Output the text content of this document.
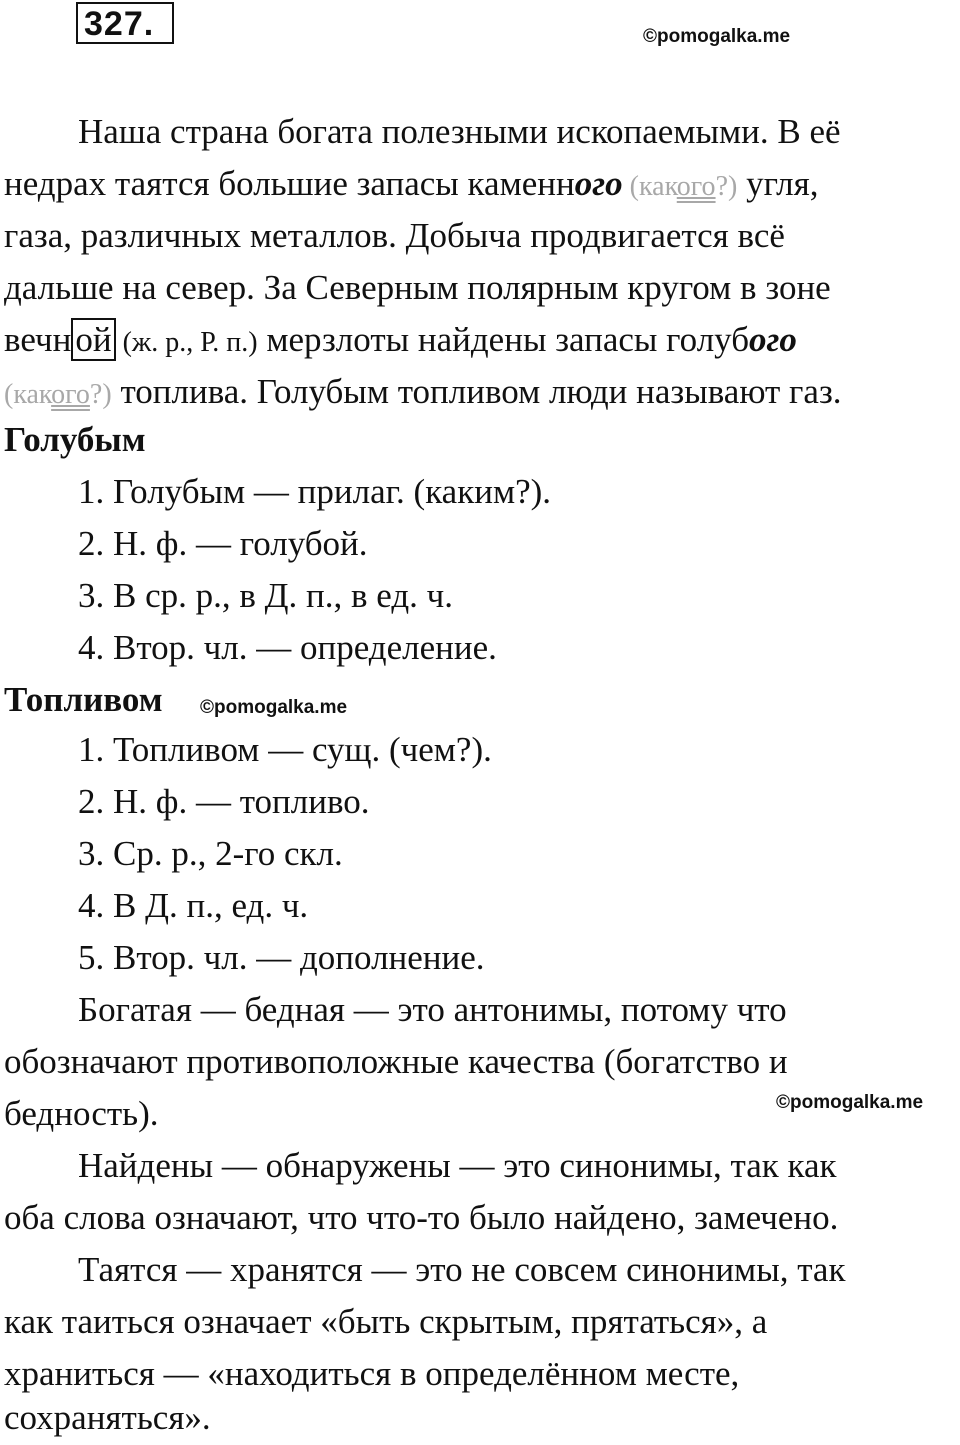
327.	©pomogalka.me
Наша страна богата полезными ископаемыми. В её
недрах таятся большие запасы каменного (какого?) угля,
газа, различных металлов. Добыча продвигается всё
дальше на север. За Северным полярным кругом в зоне
вечн ой (ж. р., Р. п.) мерзлоты найдены запасы голубого
(какого?) топлива. Голубым топливом люди называют газ.
Голубым
1. Голубым — прилаг. (каким?).
2. Н. ф. — голубой.
3. В ср. р., в Д. п., в ед. ч.
4. Втор. чл. — определение.
Топливом ©pomogalka.me
1. Топливом — сущ. (чем?).
2. Н. ф. — топливо.
3. Ср. р., 2-го скл.
4. В Д. п., ед. ч.
5. Втор. чл. — дополнение.
Богатая — бедная — это антонимы, потому что
обозначают противоположные качества (богатство и
бедность).	©pomogalka.me
Найдены — обнаружены — это синонимы, так как
оба слова означают, что что-то было найдено, замечено.
Таятся — хранятся — это не совсем синонимы, так
как таиться означает «быть скрытым, прятаться», а
храниться — «находиться в определённом месте,
сохраняться».
